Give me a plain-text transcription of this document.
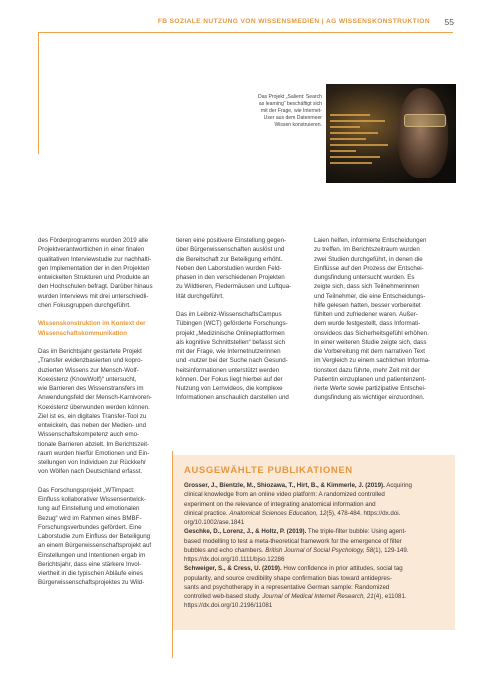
FB SOZIALE NUTZUNG VON WISSENSMEDIEN | AG WISSENSKONSTRUKTION 55
Das Projekt „Salient: Search
as learning“ beschäftigt sich
mit der Frage, wie Internet-
User aus dem Datenmeer
Wissen konstruieren.

des Förderprogramms wurden 2019 alle
Projektverantwortlichen in einer finalen
qualitativen Interviewstudie zur nachhalti-
gen Implementation der in den Projekten
entwickelten Strukturen und Produkte an
den Hochschulen befragt. Darüber hinaus
wurden Interviews mit drei unterschiedli-
chen Fokusgruppen durchgeführt.

Wissenskonstruktion im Kontext der
Wissenschaftskommunikation

Das im Berichtsjahr gestartete Projekt
„Transfer evidenzbasierten und kopro-
duzierten Wissens zur Mensch-Wolf-
Koexistenz (KnowWolf)“ untersucht,
wie Barrieren des Wissenstransfers im
Anwendungsfeld der Mensch-Karnivoren-
Koexistenz überwunden werden können.
Ziel ist es, ein digitales Transfer-Tool zu
entwickeln, das neben der Medien- und
Wissenschaftskompetenz auch emo-
tionale Barrieren abzielt. Im Berichtszeit-
raum wurden hierfür Emotionen und Ein-
stellungen von Individuen zur Rückkehr
von Wölfen nach Deutschland erfasst.

Das Forschungsprojekt „WTimpact:
Einfluss kollaborativer Wissensentwick-
lung auf Einstellung und emotionalen
Bezug“ wird im Rahmen eines BMBF-
Forschungsverbundes gefördert. Eine
Laborstudie zum Einfluss der Beteiligung
an einem Bürgerwissenschaftsprojekt auf
Einstellungen und Intentionen ergab im
Berichtsjahr, dass eine stärkere Invol-
viertheit in die typischen Abläufe eines
Bürgerwissenschaftsprojektes zu Wild-

tieren eine positivere Einstellung gegen-
über Bürgerwissenschaften auslöst und
die Bereitschaft zur Beteiligung erhöht.
Neben den Laborstudien wurden Feld-
phasen in den verschiedenen Projekten
zu Wildtieren, Fledermäusen und Luftqua-
lität durchgeführt.

Das im Leibniz-WissenschaftsCampus
Tübingen (WCT) geförderte Forschungs-
projekt „Medizinische Onlineplattformen
als kognitive Schnittstellen“ befasst sich
mit der Frage, wie Internetnutzerinnen
und -nutzer bei der Suche nach Gesund-
heitsinformationen unterstützt werden
können. Der Fokus liegt hierbei auf der
Nutzung von Lernvideos, die komplexe
Informationen anschaulich darstellen und

Laien helfen, informierte Entscheidungen
zu treffen. Im Berichtszeitraum wurden
zwei Studien durchgeführt, in denen die
Einflüsse auf den Prozess der Entschei-
dungsfindung untersucht wurden. Es
zeigte sich, dass sich Teilnehmerinnen
und Teilnehmer, die eine Entscheidungs-
hilfe gelesen hatten, besser vorbereitet
fühlten und zufriedener waren. Außer-
dem wurde festgestellt, dass Informati-
onsvideos das Sicherheitsgefühl erhöhen.
In einer weiteren Studie zeigte sich, dass
die Vorbereitung mit dem narrativen Text
im Vergleich zu einem sachlichen Informa-
tionstext dazu führte, mehr Zeit mit der
Patientin einzuplanen und patientenzent-
rierte Werte sowie partizipative Entschei-
dungsfindung als wichtiger einzuordnen.

AUSGEWÄHLTE PUBLIKATIONEN
Grosser, J., Bientzle, M., Shiozawa, T., Hirt, B., & Kimmerle, J. (2019). Acquiring
clinical knowledge from an online video platform: A randomized controlled
experiment on the relevance of integrating anatomical information and
clinical practice. Anatomical Sciences Education, 12(5), 478-484. https://dx.doi.
org/10.1002/ase.1841
Geschke, D., Lorenz, J., & Holtz, P. (2019). The triple-filter bubble: Using agent-
based modelling to test a meta-theoretical framework for the emergence of filter
bubbles and echo chambers. British Journal of Social Psychology, 58(1), 129-149.
https://dx.doi.org/10.1111/bjso.12286
Schweiger, S., & Cress, U. (2019). How confidence in prior attitudes, social tag
popularity, and source credibility shape confirmation bias toward antidepres-
sants and psychotherapy in a representative German sample: Randomized
controlled web-based study. Journal of Medical Internet Research, 21(4), e11081.
https://dx.doi.org/10.2196/11081
